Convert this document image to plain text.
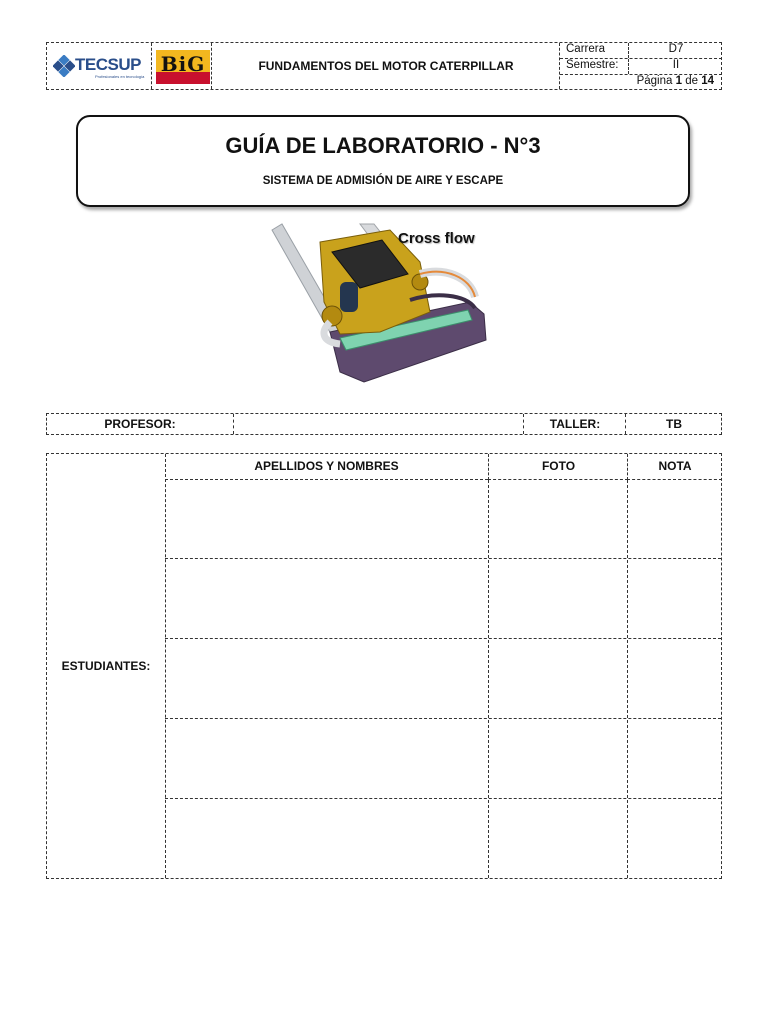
TECSUP
Profesionales en tecnología
BiG	FUNDAMENTOS DEL MOTOR CATERPILLAR
Carrera	D7
Semestre:	II
Página 1 de 14
GUÍA DE LABORATORIO - N°3
SISTEMA DE ADMISIÓN DE AIRE Y ESCAPE
Cross flow
PROFESOR:	TALLER:	TB
ESTUDIANTES:
APELLIDOS Y NOMBRES	FOTO	NOTA
